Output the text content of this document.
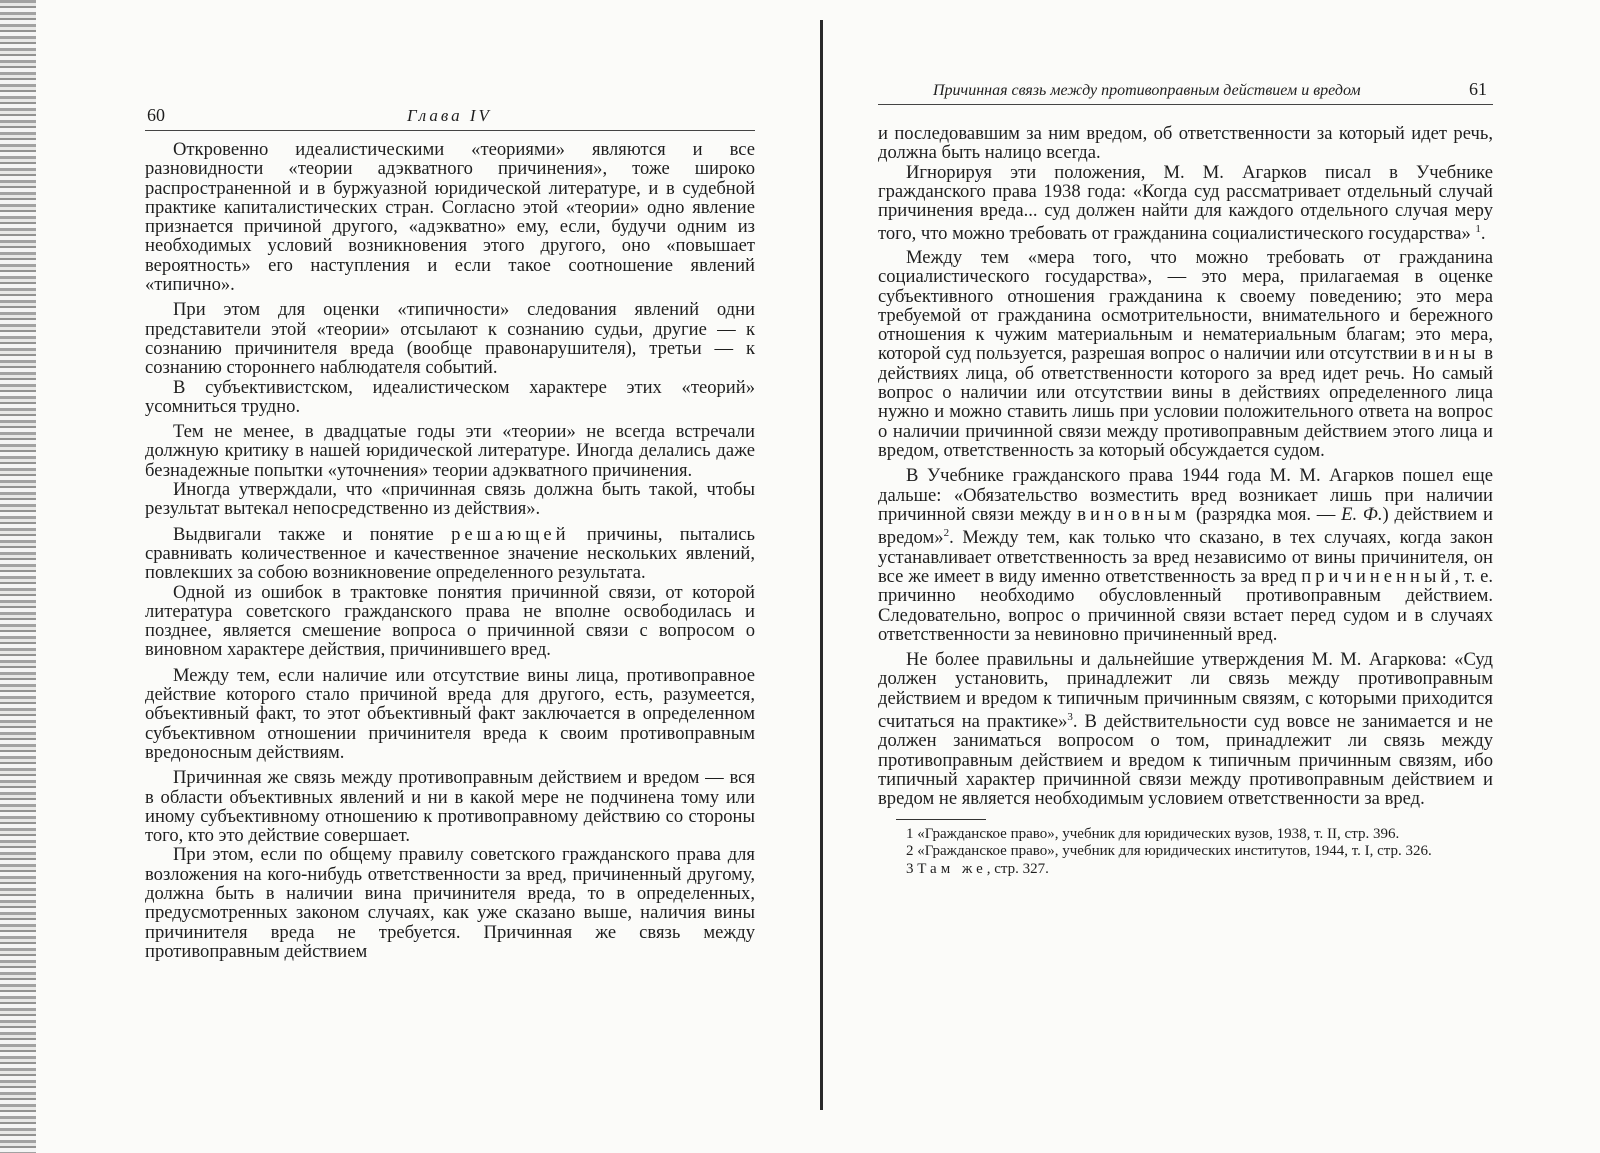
60	Глава IV

Откровенно идеалистическими «теориями» являются и все разновидности «теории адэкватного причинения», тоже широко распространенной и в буржуазной юридической литературе, и в судебной практике капиталистических стран. Согласно этой «теории» одно явление признается причиной другого, «адэкватно» ему, если, будучи одним из необходимых условий возникновения этого другого, оно «повышает вероятность» его наступления и если такое соотношение явлений «типично».

При этом для оценки «типичности» следования явлений одни представители этой «теории» отсылают к сознанию судьи, другие — к сознанию причинителя вреда (вообще правонарушителя), третьи — к сознанию стороннего наблюдателя событий.

В субъективистском, идеалистическом характере этих «теорий» усомниться трудно.

Тем не менее, в двадцатые годы эти «теории» не всегда встречали должную критику в нашей юридической литературе. Иногда делались даже безнадежные попытки «уточнения» теории адэкватного причинения.

Иногда утверждали, что «причинная связь должна быть такой, чтобы результат вытекал непосредственно из действия».

Выдвигали также и понятие решающей причины, пытались сравнивать количественное и качественное значение нескольких явлений, повлекших за собою возникновение определенного результата.

Одной из ошибок в трактовке понятия причинной связи, от которой литература советского гражданского права не вполне освободилась и позднее, является смешение вопроса о причинной связи с вопросом о виновном характере действия, причинившего вред.

Между тем, если наличие или отсутствие вины лица, противоправное действие которого стало причиной вреда для другого, есть, разумеется, объективный факт, то этот объективный факт заключается в определенном субъективном отношении причинителя вреда к своим противоправным вредоносным действиям.

Причинная же связь между противоправным действием и вредом — вся в области объективных явлений и ни в какой мере не подчинена тому или иному субъективному отношению к противоправному действию со стороны того, кто это действие совершает.

При этом, если по общему правилу советского гражданского права для возложения на кого-нибудь ответственности за вред, причиненный другому, должна быть в наличии вина причинителя вреда, то в определенных, предусмотренных законом случаях, как уже сказано выше, наличия вины причинителя вреда не требуется. Причинная же связь между противоправным действием

Причинная связь между противоправным действием и вредом	61

и последовавшим за ним вредом, об ответственности за который идет речь, должна быть налицо всегда.

Игнорируя эти положения, М. М. Агарков писал в Учебнике гражданского права 1938 года: «Когда суд рассматривает отдельный случай причинения вреда... суд должен найти для каждого отдельного случая меру того, что можно требовать от гражданина социалистического государства» $^1$.

Между тем «мера того, что можно требовать от гражданина социалистического государства», — это мера, прилагаемая в оценке субъективного отношения гражданина к своему поведению; это мера требуемой от гражданина осмотрительности, внимательного и бережного отношения к чужим материальным и нематериальным благам; это мера, которой суд пользуется, разрешая вопрос о наличии или отсутствии вины в действиях лица, об ответственности которого за вред идет речь. Но самый вопрос о наличии или отсутствии вины в действиях определенного лица нужно и можно ставить лишь при условии положительного ответа на вопрос о наличии причинной связи между противоправным действием этого лица и вредом, ответственность за который обсуждается судом.

В Учебнике гражданского права 1944 года М. М. Агарков пошел еще дальше: «Обязательство возместить вред возникает лишь при наличии причинной связи между виновным (разрядка моя. — Е. Ф.) действием и вредом»$^2$. Между тем, как только что сказано, в тех случаях, когда закон устанавливает ответственность за вред независимо от вины причинителя, он все же имеет в виду именно ответственность за вред причиненный, т. е. причинно необходимо обусловленный противоправным действием. Следовательно, вопрос о причинной связи встает перед судом и в случаях ответственности за невиновно причиненный вред.

Не более правильны и дальнейшие утверждения М. М. Агаркова: «Суд должен установить, принадлежит ли связь между противоправным действием и вредом к типичным причинным связям, с которыми приходится считаться на практике»$^3$. В действительности суд вовсе не занимается и не должен заниматься вопросом о том, принадлежит ли связь между противоправным действием и вредом к типичным причинным связям, ибо типичный характер причинной связи между противоправным действием и вредом не является необходимым условием ответственности за вред.

1 «Гражданское право», учебник для юридических вузов, 1938, т. II, стр. 396.

2 «Гражданское право», учебник для юридических институтов, 1944, т. I, стр. 326.

3 Там же, стр. 327.
